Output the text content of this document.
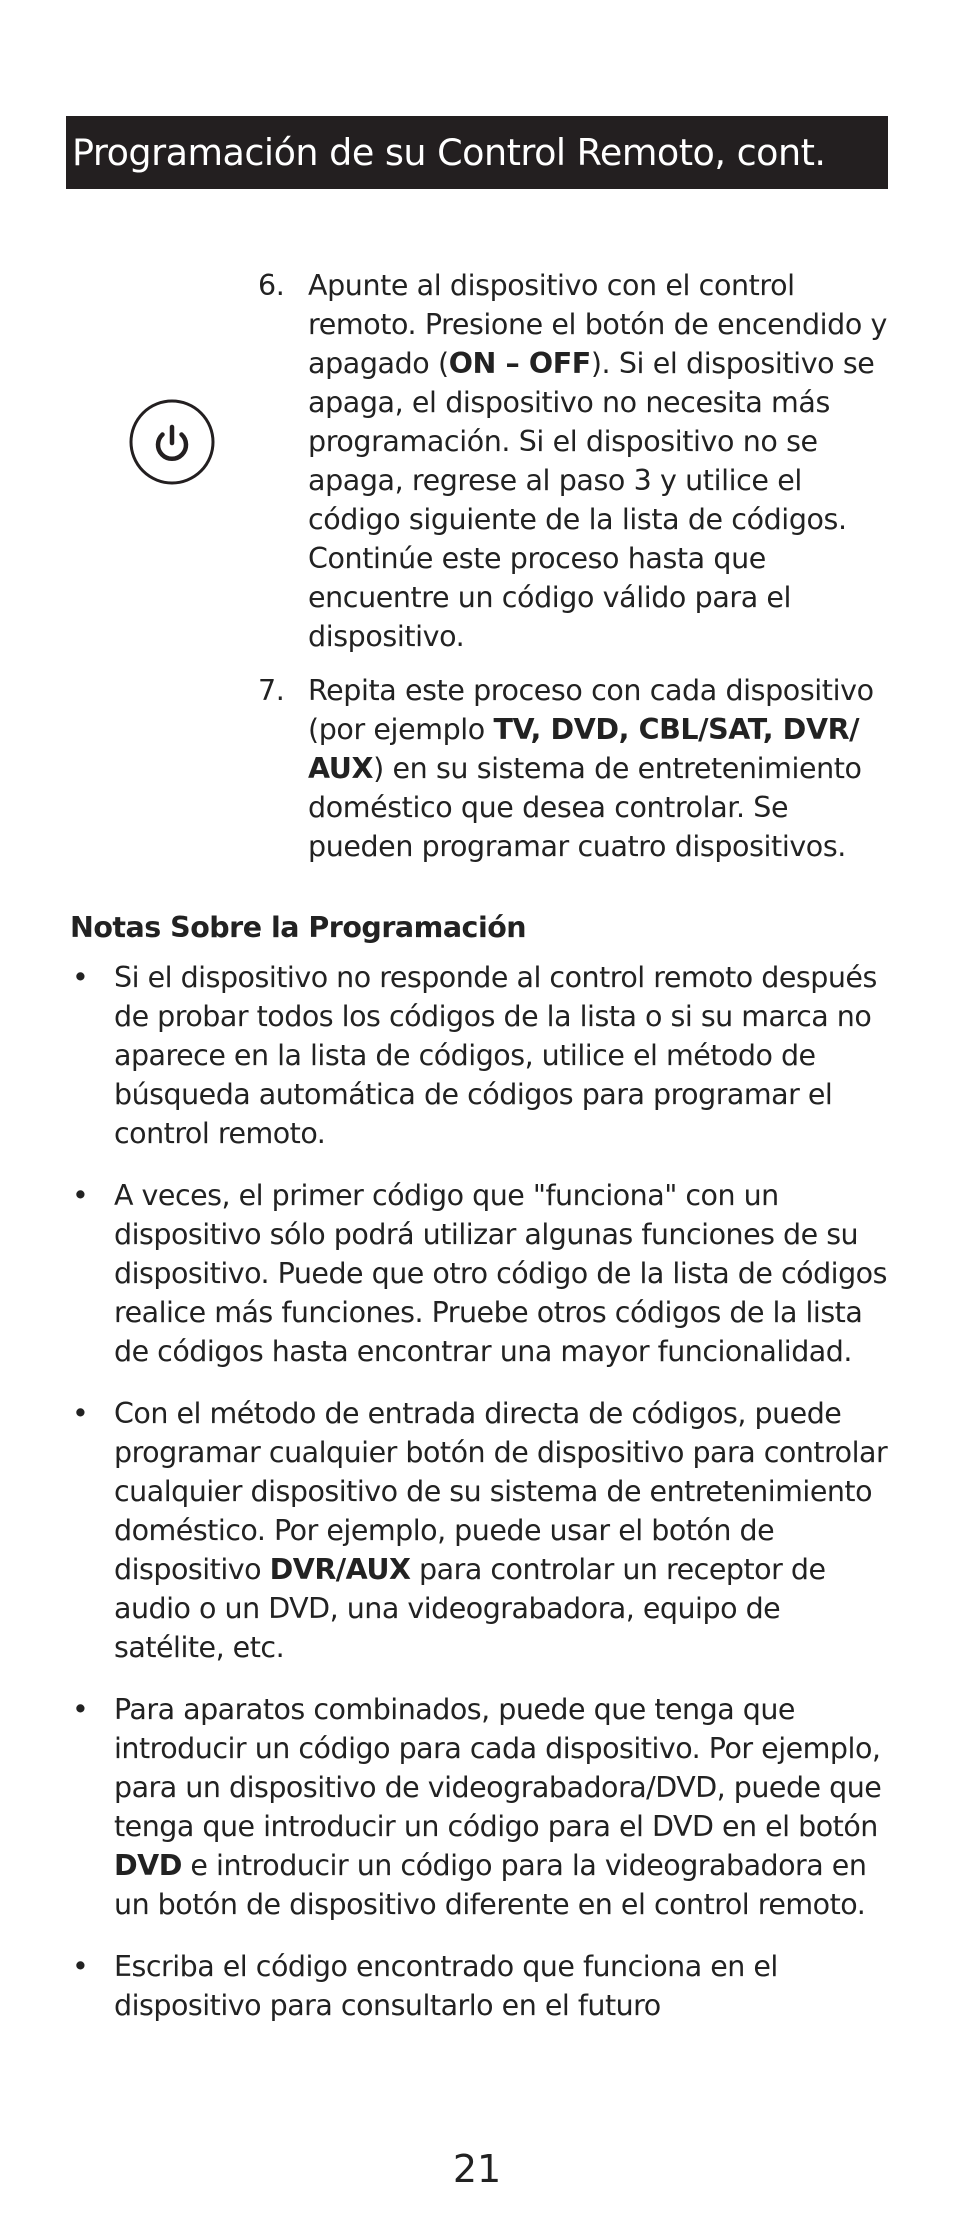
Programación de su Control Remoto, cont.
6. Apunte al dispositivo con el control remoto. Presione el botón de encendido y apagado (ON – OFF). Si el dispositivo se apaga, el dispositivo no necesita más programación. Si el dispositivo no se apaga, regrese al paso 3 y utilice el código siguiente de la lista de códigos. Continúe este proceso hasta que encuentre un código válido para el dispositivo.
7. Repita este proceso con cada dispositivo (por ejemplo TV, DVD, CBL/SAT, DVR/ AUX) en su sistema de entretenimiento doméstico que desea controlar. Se pueden programar cuatro dispositivos.
Notas Sobre la Programación
• Si el dispositivo no responde al control remoto después de probar todos los códigos de la lista o si su marca no aparece en la lista de códigos, utilice el método de búsqueda automática de códigos para programar el control remoto.
• A veces, el primer código que "funciona" con un dispositivo sólo podrá utilizar algunas funciones de su dispositivo. Puede que otro código de la lista de códigos realice más funciones. Pruebe otros códigos de la lista de códigos hasta encontrar una mayor funcionalidad.
• Con el método de entrada directa de códigos, puede programar cualquier botón de dispositivo para controlar cualquier dispositivo de su sistema de entretenimiento doméstico. Por ejemplo, puede usar el botón de dispositivo DVR/AUX para controlar un receptor de audio o un DVD, una videograbadora, equipo de satélite, etc.
• Para aparatos combinados, puede que tenga que introducir un código para cada dispositivo. Por ejemplo, para un dispositivo de videograbadora/DVD, puede que tenga que introducir un código para el DVD en el botón DVD e introducir un código para la videograbadora en un botón de dispositivo diferente en el control remoto.
• Escriba el código encontrado que funciona en el dispositivo para consultarlo en el futuro
21
